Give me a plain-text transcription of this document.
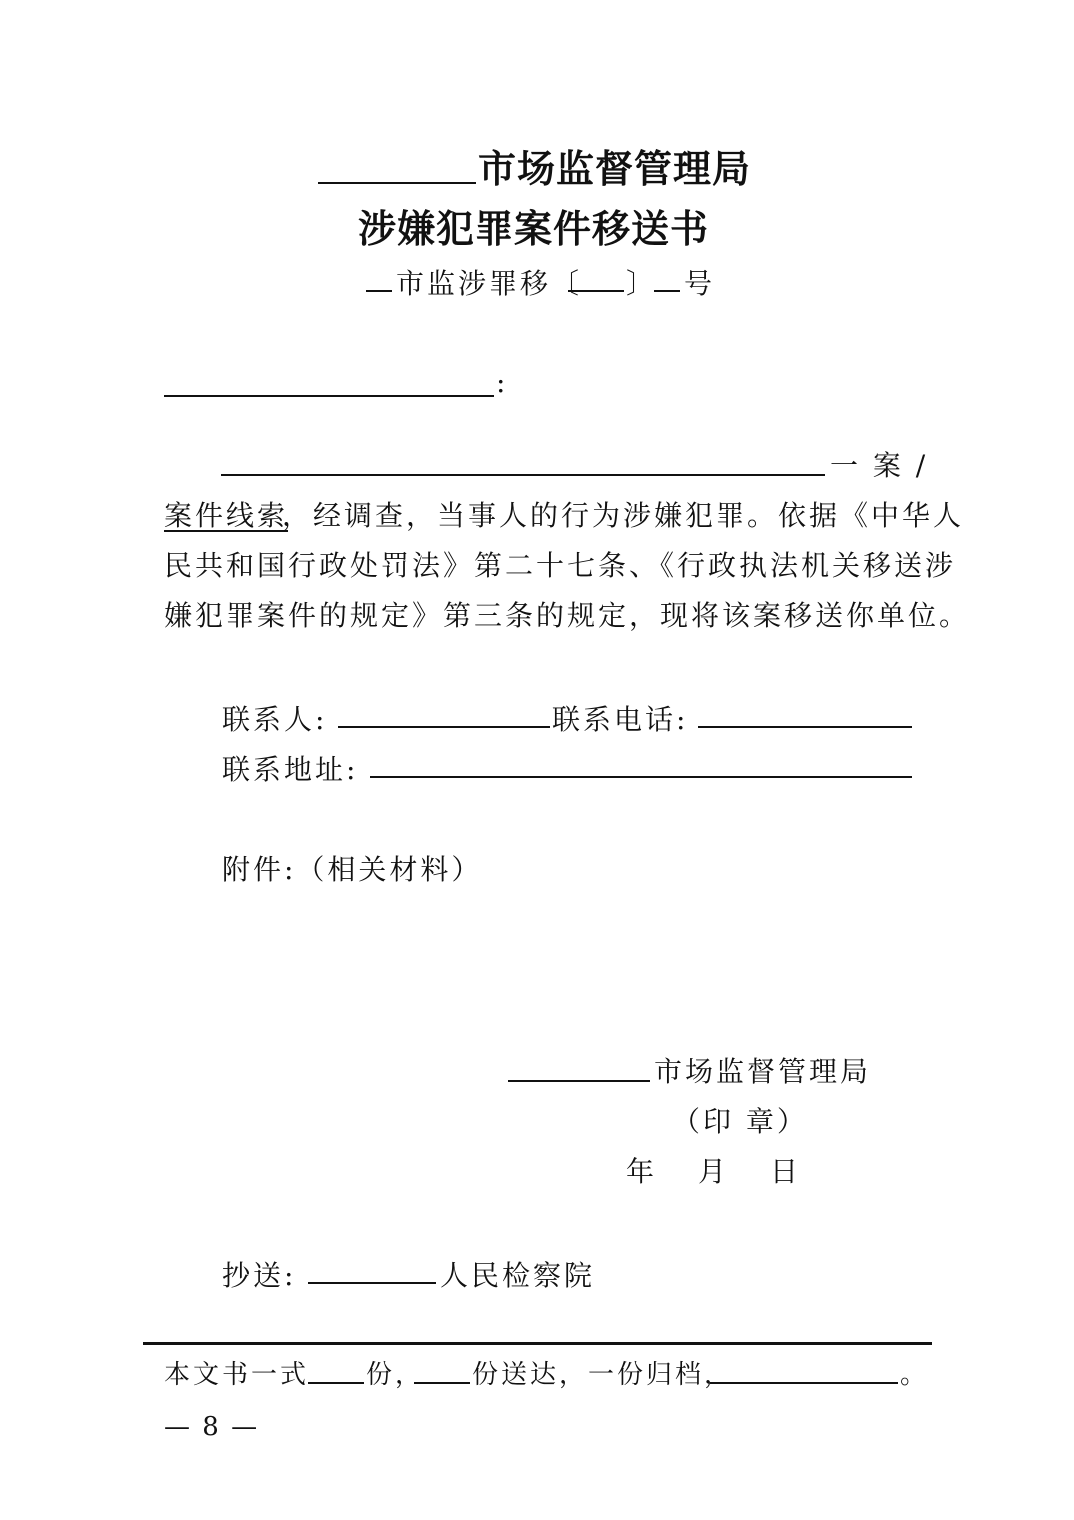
市场监督管理局
涉嫌犯罪案件移送书
市监涉罪移〔 〕 号
:
一 案 /
案件线索
，经调查，当事人的行为涉嫌犯罪。依据《中华人
民共和国行政处罚法》第二十七条、《行政执法机关移送涉
嫌犯罪案件的规定》第三条的规定，现将该案移送你单位。
联系人:	联系电话:
联系地址:
附件:（相关材料）
市场监督管理局
（印 章）
年 月 日
抄送:	人民检察院
本文书一式 份， 份送达，一份归档，	。
— 8 —
